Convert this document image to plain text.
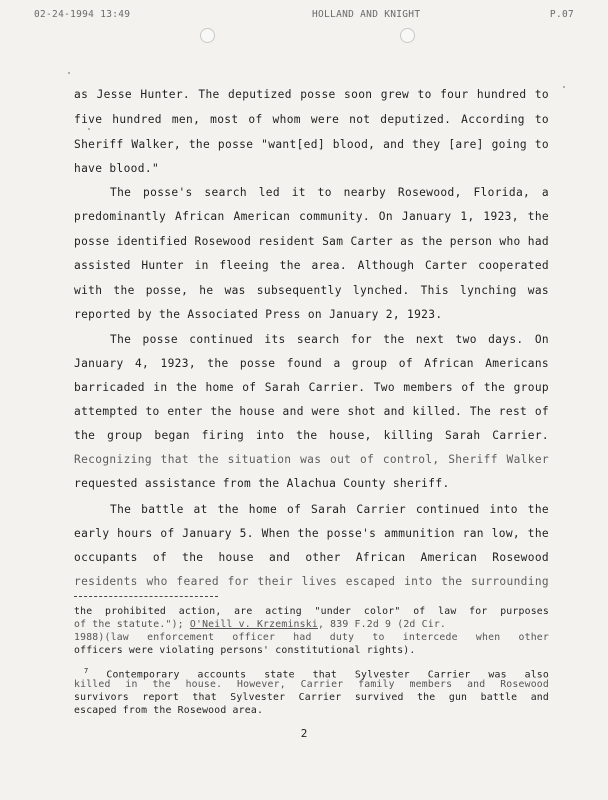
02-24-1994 13:49	HOLLAND AND KNIGHT	P.07
as Jesse Hunter. The deputized posse soon grew to four hundred to
five hundred men, most of whom were not deputized. According to
Sheriff Walker, the posse "want[ed] blood, and they [are] going to
have blood."
The posse's search led it to nearby Rosewood, Florida, a
predominantly African American community. On January 1, 1923, the
posse identified Rosewood resident Sam Carter as the person who had
assisted Hunter in fleeing the area. Although Carter cooperated
with the posse, he was subsequently lynched. This lynching was
reported by the Associated Press on January 2, 1923.
The posse continued its search for the next two days. On
January 4, 1923, the posse found a group of African Americans
barricaded in the home of Sarah Carrier. Two members of the group
attempted to enter the house and were shot and killed. The rest of
the group began firing into the house, killing Sarah Carrier.
Recognizing that the situation was out of control, Sheriff Walker
requested assistance from the Alachua County sheriff.
The battle at the home of Sarah Carrier continued into the
early hours of January 5. When the posse's ammunition ran low, the
occupants of the house and other African American Rosewood
residents who feared for their lives escaped into the surrounding
the prohibited action, are acting "under color" of law for purposes
of the statute."); O'Neill v. Krzeminski, 839 F.2d 9 (2d Cir.
1988)(law enforcement officer had duty to intercede when other
officers were violating persons' constitutional rights).
$^7$ Contemporary accounts state that Sylvester Carrier was also
killed in the house. However, Carrier family members and Rosewood
survivors report that Sylvester Carrier survived the gun battle and
escaped from the Rosewood area.
2
